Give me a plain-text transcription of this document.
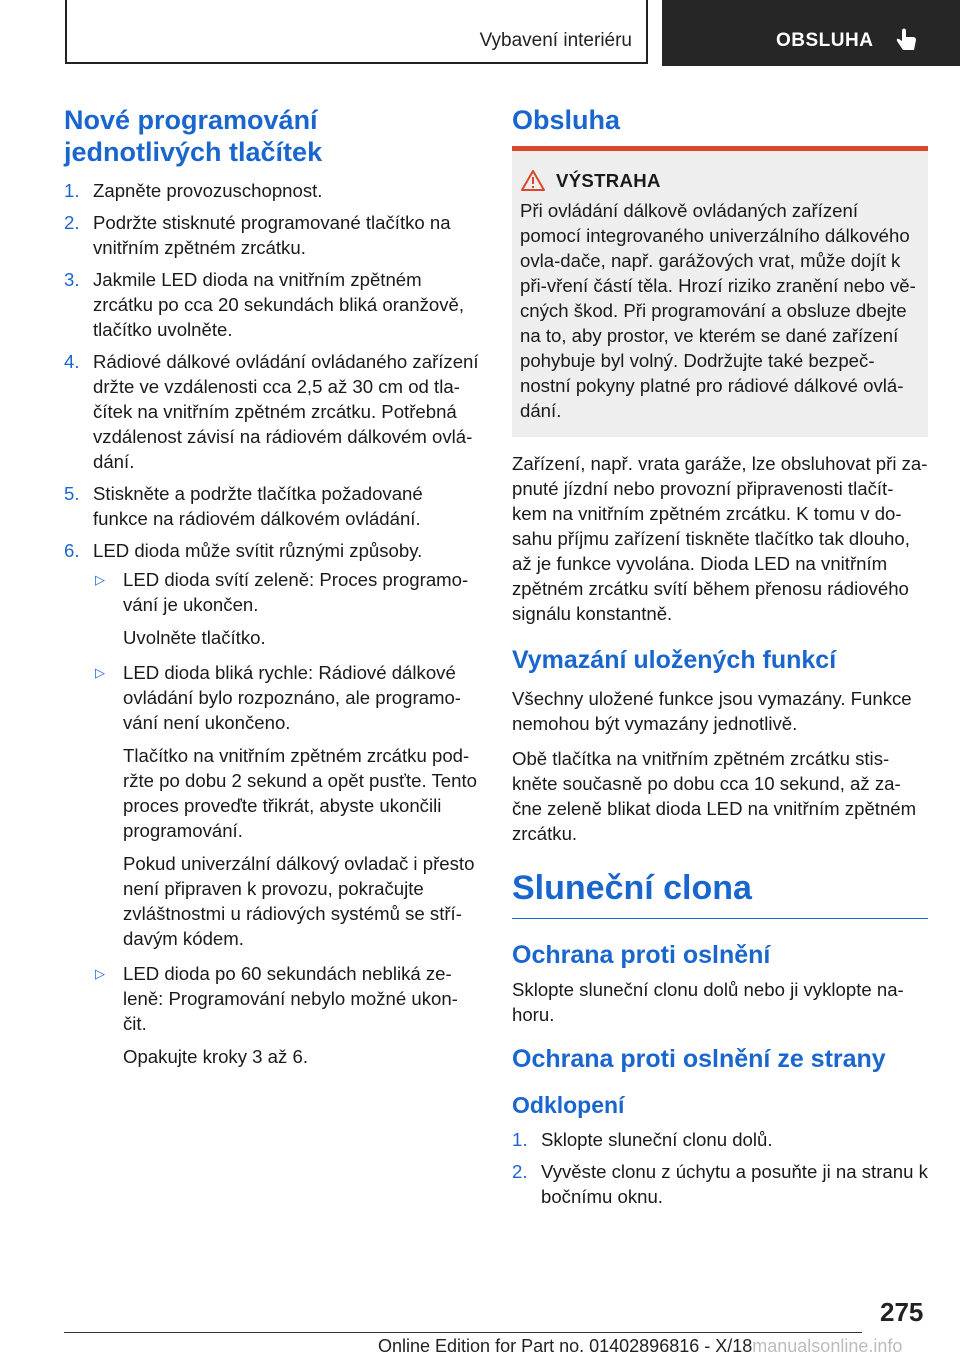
Vybavení interiéru	OBSLUHA
Nové programování jednotlivých tlačítek
1. Zapněte provozuschopnost.
2. Podržte stisknuté programované tlačítko na vnitřním zpětném zrcátku.
3. Jakmile LED dioda na vnitřním zpětném zrcátku po cca 20 sekundách bliká oranžově, tlačítko uvolněte.
4. Rádiové dálkové ovládání ovládaného zařízení držte ve vzdálenosti cca 2,5 až 30 cm od tla-čítek na vnitřním zpětném zrcátku. Potřebná vzdálenost závisí na rádiovém dálkovém ovlá-dání.
5. Stiskněte a podržte tlačítka požadované funkce na rádiovém dálkovém ovládání.
6. LED dioda může svítit různými způsoby.
▷ LED dioda svítí zeleně: Proces programo-vání je ukončen.

Uvolněte tlačítko.

▷ LED dioda bliká rychle: Rádiové dálkové ovládání bylo rozpoznáno, ale programo-vání není ukončeno.

Tlačítko na vnitřním zpětném zrcátku pod-ržte po dobu 2 sekund a opět pusťte. Tento proces proveďte třikrát, abyste ukončili programování.

Pokud univerzální dálkový ovladač i přesto není připraven k provozu, pokračujte zvláštnostmi u rádiových systémů se stří-davým kódem.

▷ LED dioda po 60 sekundách nebliká ze-leně: Programování nebylo možné ukon-čit.

Opakujte kroky 3 až 6.

Obsluha
VÝSTRAHA

Při ovládání dálkově ovládaných zařízení pomocí integrovaného univerzálního dálkového ovla-dače, např. garážových vrat, může dojít k při-vření částí těla. Hrozí riziko zranění nebo vě-cných škod. Při programování a obsluze dbejte na to, aby prostor, ve kterém se dané zařízení pohybuje byl volný. Dodržujte také bezpeč-nostní pokyny platné pro rádiové dálkové ovlá-dání.

Zařízení, např. vrata garáže, lze obsluhovat při za-pnuté jízdní nebo provozní připravenosti tlačít-kem na vnitřním zpětném zrcátku. K tomu v do-sahu příjmu zařízení tiskněte tlačítko tak dlouho, až je funkce vyvolána. Dioda LED na vnitřním zpětném zrcátku svítí během přenosu rádiového signálu konstantně.

Vymazání uložených funkcí

Všechny uložené funkce jsou vymazány. Funkce nemohou být vymazány jednotlivě.

Obě tlačítka na vnitřním zpětném zrcátku stis-kněte současně po dobu cca 10 sekund, až za-čne zeleně blikat dioda LED na vnitřním zpětném zrcátku.

Sluneční clona
Ochrana proti oslnění

Sklopte sluneční clonu dolů nebo ji vyklopte na-horu.

Ochrana proti oslnění ze strany
Odklopení
1. Sklopte sluneční clonu dolů.
2. Vyvěste clonu z úchytu a posuňte ji na stranu k bočnímu oknu.
275
Online Edition for Part no. 01402896816 - X/18manualsonline.info
